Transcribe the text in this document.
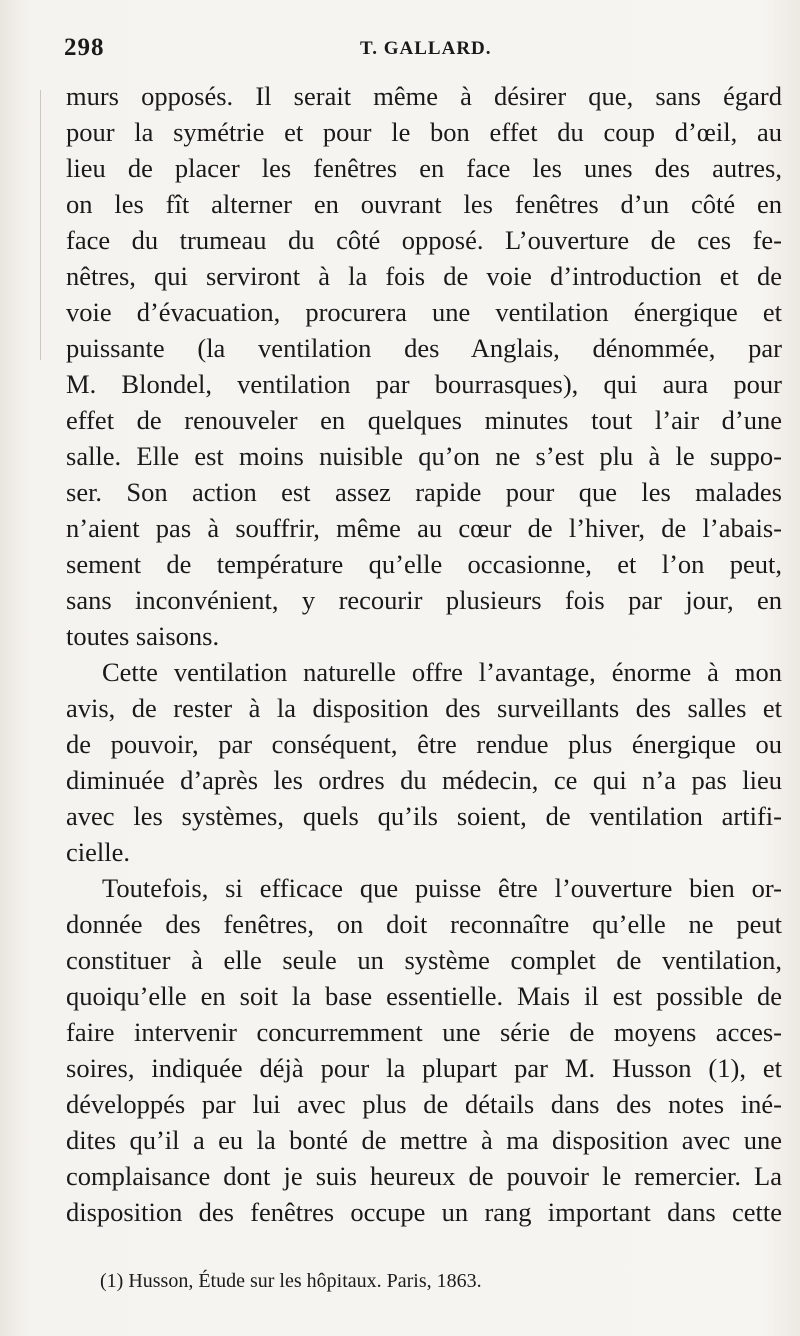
298	T. GALLARD.
murs opposés. Il serait même à désirer que, sans égard
pour la symétrie et pour le bon effet du coup d’œil, au
lieu de placer les fenêtres en face les unes des autres,
on les fît alterner en ouvrant les fenêtres d’un côté en
face du trumeau du côté opposé. L’ouverture de ces fe-
nêtres, qui serviront à la fois de voie d’introduction et de
voie d’évacuation, procurera une ventilation énergique et
puissante (la ventilation des Anglais, dénommée, par
M. Blondel, ventilation par bourrasques), qui aura pour
effet de renouveler en quelques minutes tout l’air d’une
salle. Elle est moins nuisible qu’on ne s’est plu à le suppo-
ser. Son action est assez rapide pour que les malades
n’aient pas à souffrir, même au cœur de l’hiver, de l’abais-
sement de température qu’elle occasionne, et l’on peut,
sans inconvénient, y recourir plusieurs fois par jour, en
toutes saisons.
Cette ventilation naturelle offre l’avantage, énorme à mon
avis, de rester à la disposition des surveillants des salles et
de pouvoir, par conséquent, être rendue plus énergique ou
diminuée d’après les ordres du médecin, ce qui n’a pas lieu
avec les systèmes, quels qu’ils soient, de ventilation artifi-
cielle.
Toutefois, si efficace que puisse être l’ouverture bien or-
donnée des fenêtres, on doit reconnaître qu’elle ne peut
constituer à elle seule un système complet de ventilation,
quoiqu’elle en soit la base essentielle. Mais il est possible de
faire intervenir concurremment une série de moyens acces-
soires, indiquée déjà pour la plupart par M. Husson (1), et
développés par lui avec plus de détails dans des notes iné-
dites qu’il a eu la bonté de mettre à ma disposition avec une
complaisance dont je suis heureux de pouvoir le remercier. La
disposition des fenêtres occupe un rang important dans cette
(1) Husson, Étude sur les hôpitaux. Paris, 1863.
